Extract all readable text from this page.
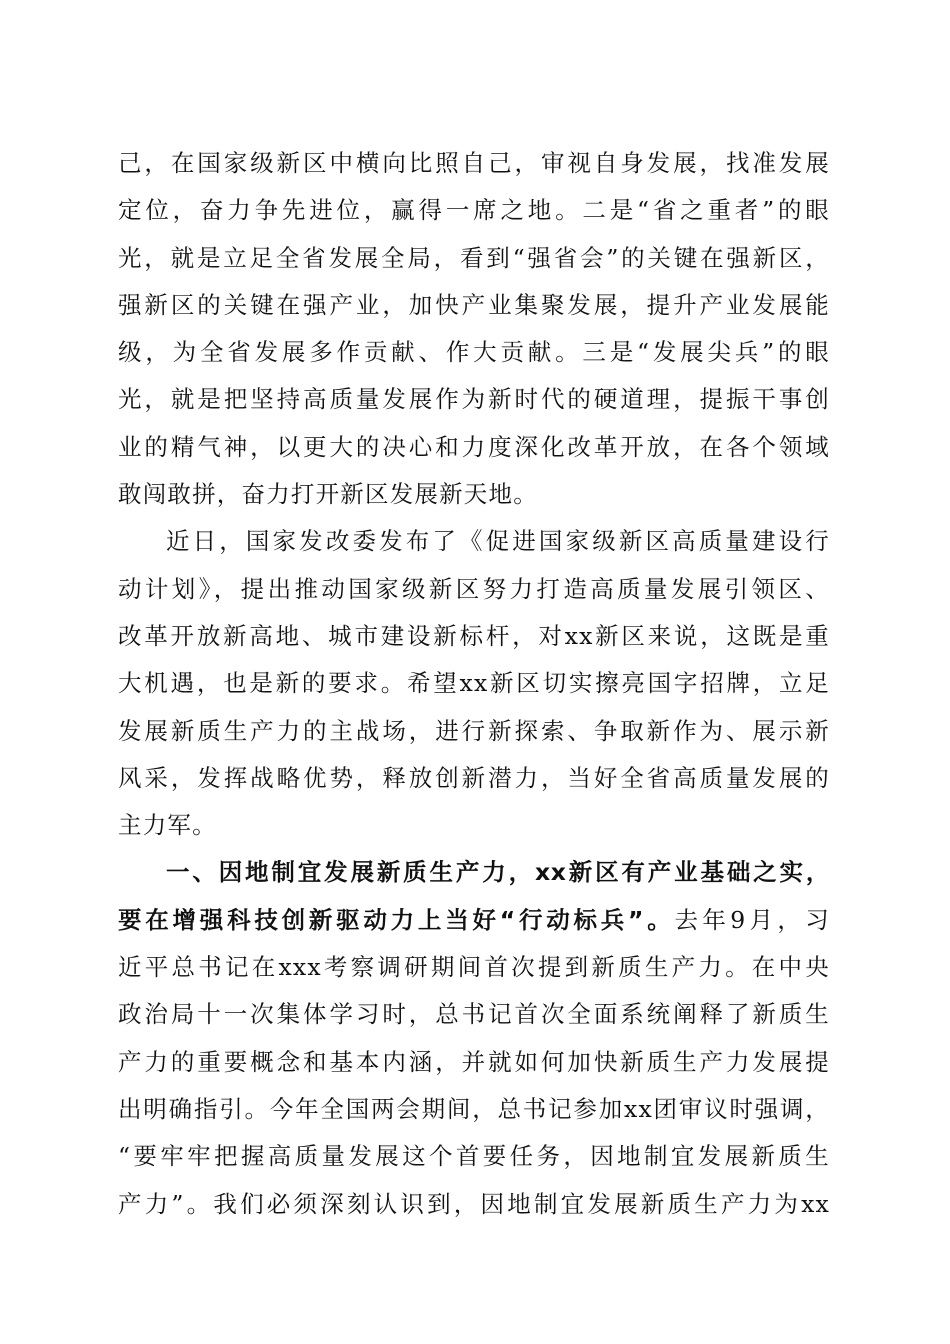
己，在国家级新区中横向比照自己，审视自身发展，找准发展
定位，奋力争先进位，赢得一席之地。二是“省之重者”的眼
光，就是立足全省发展全局，看到“强省会”的关键在强新区，
强新区的关键在强产业，加快产业集聚发展，提升产业发展能
级，为全省发展多作贡献、作大贡献。三是“发展尖兵”的眼
光，就是把坚持高质量发展作为新时代的硬道理，提振干事创
业的精气神，以更大的决心和力度深化改革开放，在各个领域
敢闯敢拼，奋力打开新区发展新天地。
近日，国家发改委发布了《促进国家级新区高质量建设行
动计划》，提出推动国家级新区努力打造高质量发展引领区、
改革开放新高地、城市建设新标杆，对xx新区来说，这既是重
大机遇，也是新的要求。希望xx新区切实擦亮国字招牌，立足
发展新质生产力的主战场，进行新探索、争取新作为、展示新
风采，发挥战略优势，释放创新潜力，当好全省高质量发展的
主力军。
一、因地制宜发展新质生产力，xx新区有产业基础之实，
要在增强科技创新驱动力上当好“行动标兵”。去年9月，习
近平总书记在xxx考察调研期间首次提到新质生产力。在中央
政治局十一次集体学习时，总书记首次全面系统阐释了新质生
产力的重要概念和基本内涵，并就如何加快新质生产力发展提
出明确指引。今年全国两会期间，总书记参加xx团审议时强调，
“要牢牢把握高质量发展这个首要任务，因地制宜发展新质生
产力”。我们必须深刻认识到，因地制宜发展新质生产力为xx
